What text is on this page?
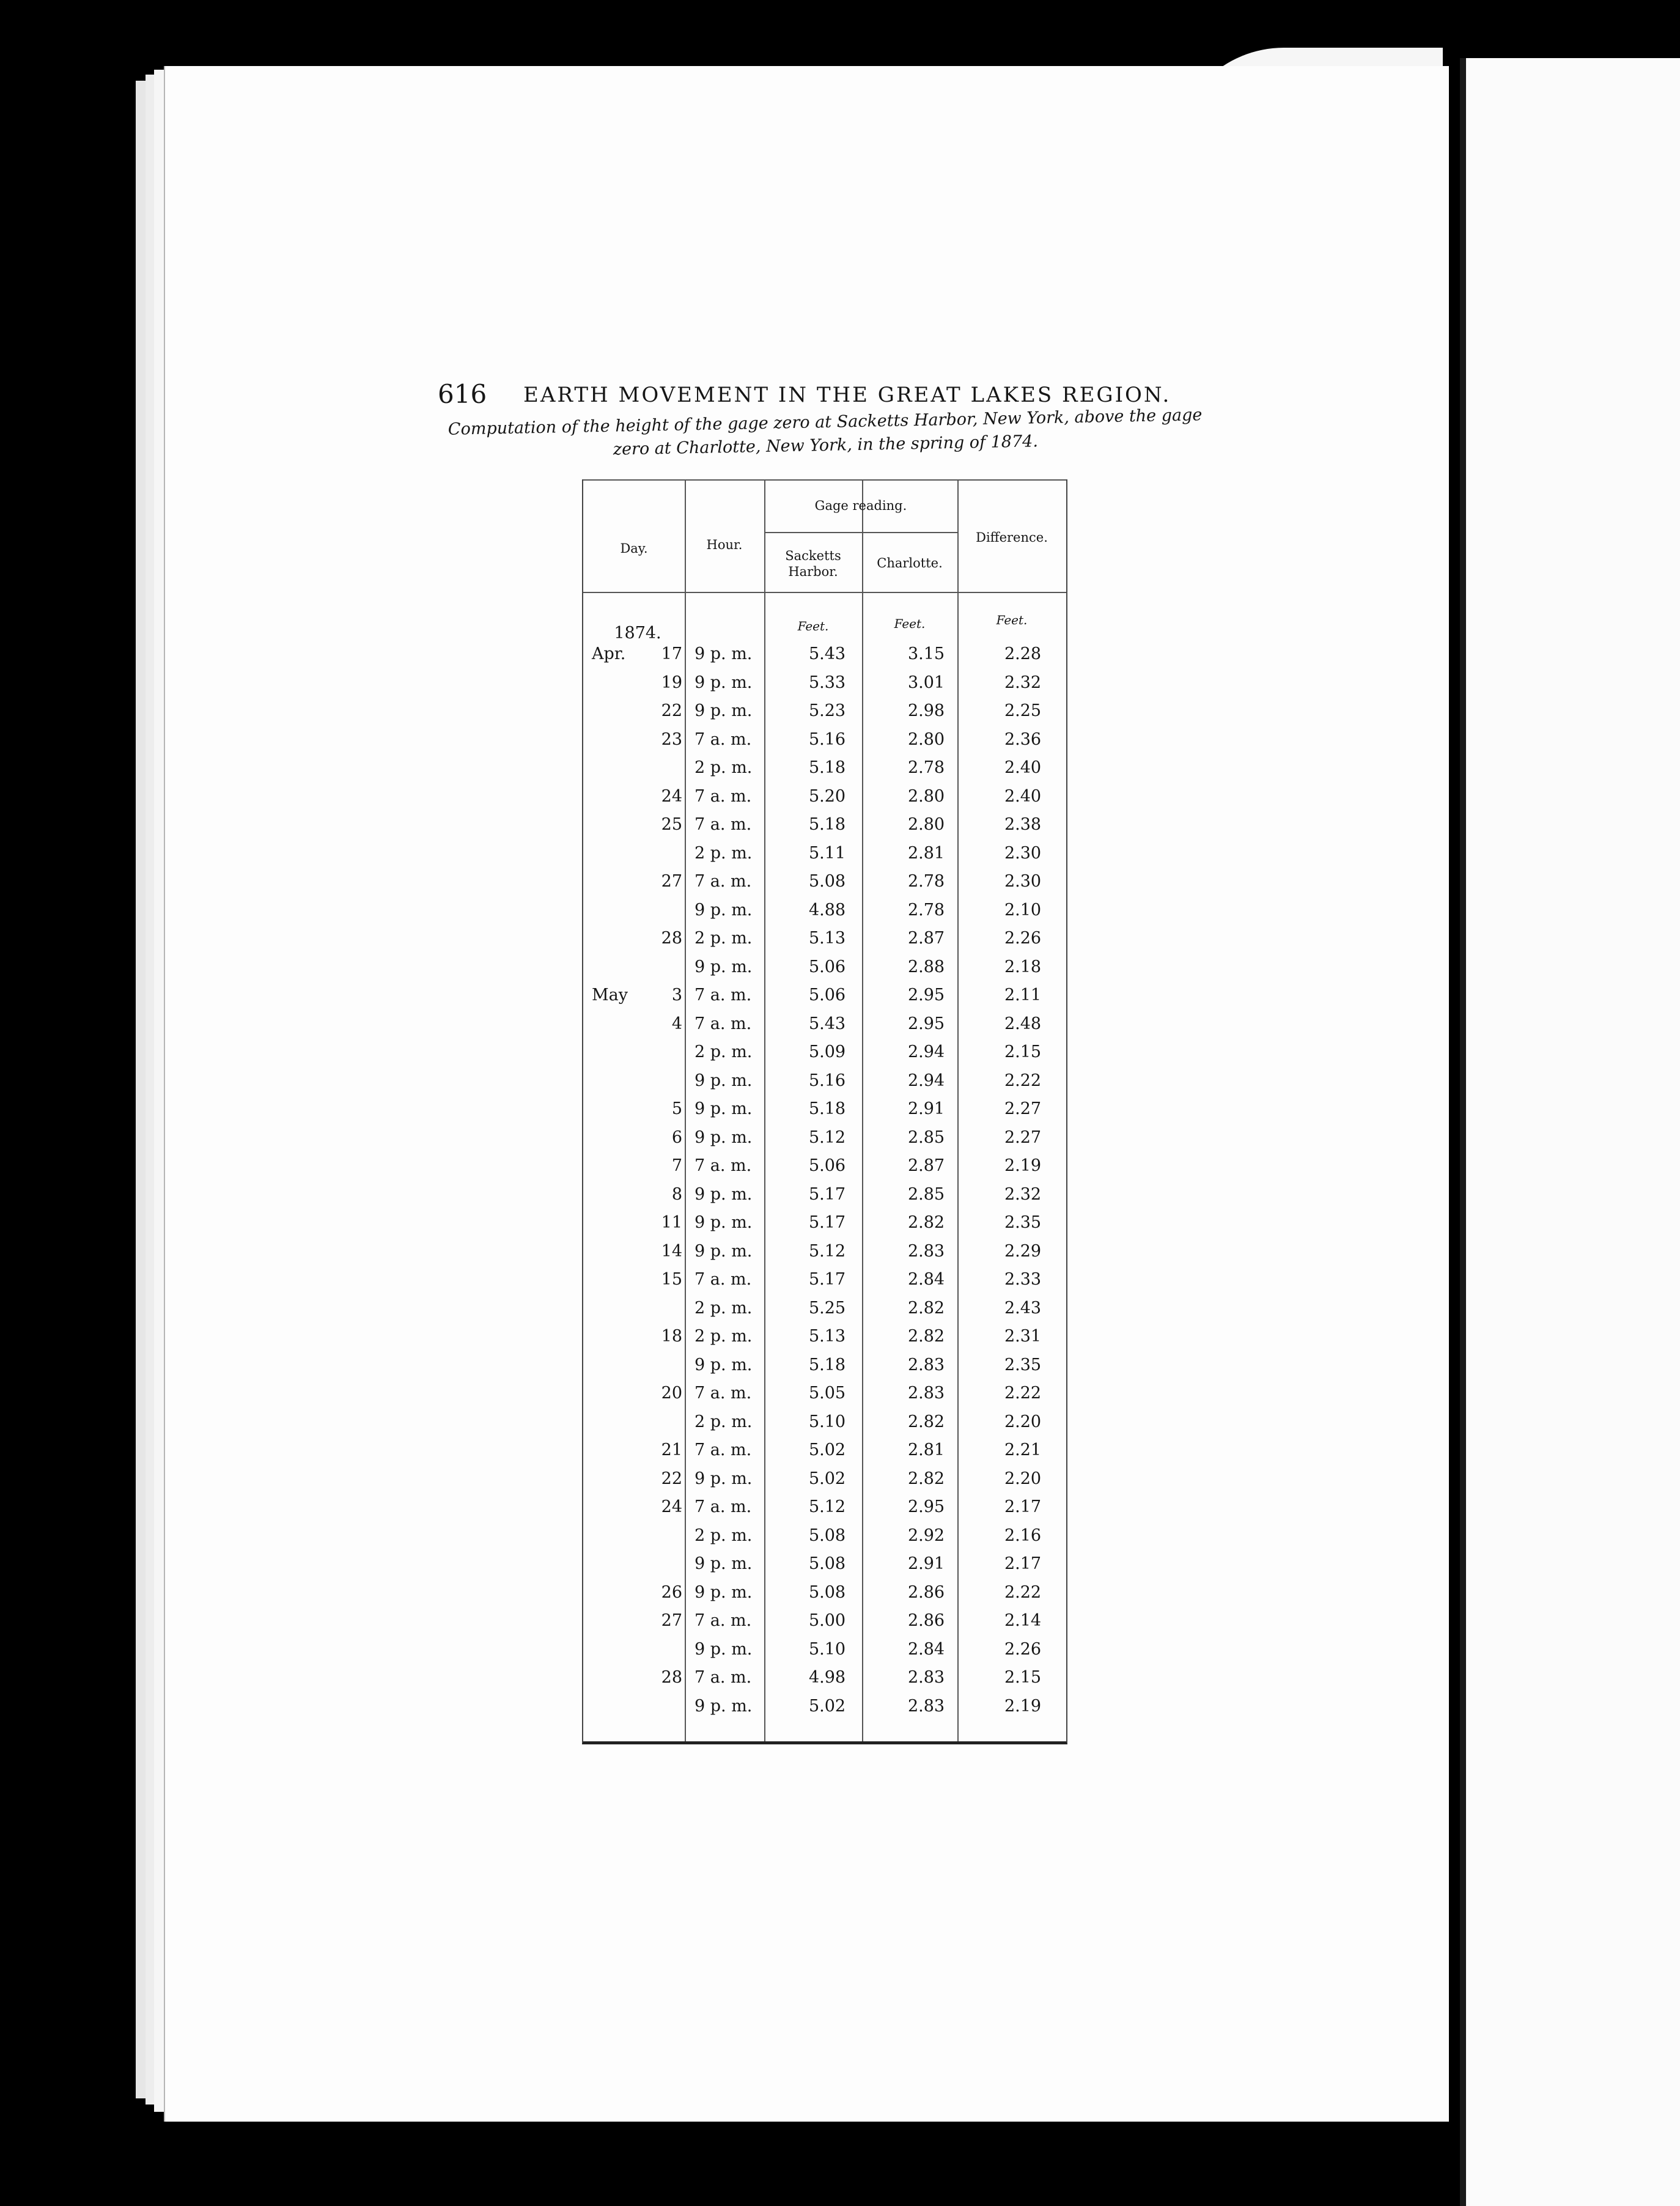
616 EARTH MOVEMENT IN THE GREAT LAKES REGION.
Computation of the height of the gage zero at Sacketts Harbor, New York, above the gage zero at Charlotte, New York, in the spring of 1874.
Day.	Hour.
Gage reading.
Sacketts Harbor.
Charlotte.
Difference.
Feet.	Feet.	Feet.
1874.
Apr.	17 9 p. m.	5.43	3.15	2.28
19 9 p. m.	5.33	3.01	2.32
22 9 p. m.	5.23	2.98	2.25
23 7 a. m.	5.16	2.80	2.36
2 p. m.	5.18	2.78	2.40
24 7 a. m.	5.20	2.80	2.40
25 7 a. m.	5.18	2.80	2.38
2 p. m.	5.11	2.81	2.30
27 7 a. m.	5.08	2.78	2.30
9 p. m.	4.88	2.78	2.10
28 2 p. m.	5.13	2.87	2.26
9 p. m.	5.06	2.88	2.18
May	3 7 a. m.	5.06	2.95	2.11
4 7 a. m.	5.43	2.95	2.48
2 p. m.	5.09	2.94	2.15
9 p. m.	5.16	2.94	2.22
5 9 p. m.	5.18	2.91	2.27
6 9 p. m.	5.12	2.85	2.27
7 7 a. m.	5.06	2.87	2.19
8 9 p. m.	5.17	2.85	2.32
11 9 p. m.	5.17	2.82	2.35
14 9 p. m.	5.12	2.83	2.29
15 7 a. m.	5.17	2.84	2.33
2 p. m.	5.25	2.82	2.43
18 2 p. m.	5.13	2.82	2.31
9 p. m.	5.18	2.83	2.35
20 7 a. m.	5.05	2.83	2.22
2 p. m.	5.10	2.82	2.20
21 7 a. m.	5.02	2.81	2.21
22 9 p. m.	5.02	2.82	2.20
24 7 a. m.	5.12	2.95	2.17
2 p. m.	5.08	2.92	2.16
9 p. m.	5.08	2.91	2.17
26 9 p. m.	5.08	2.86	2.22
27 7 a. m.	5.00	2.86	2.14
9 p. m.	5.10	2.84	2.26
28 7 a. m.	4.98	2.83	2.15
9 p. m.	5.02	2.83	2.19
